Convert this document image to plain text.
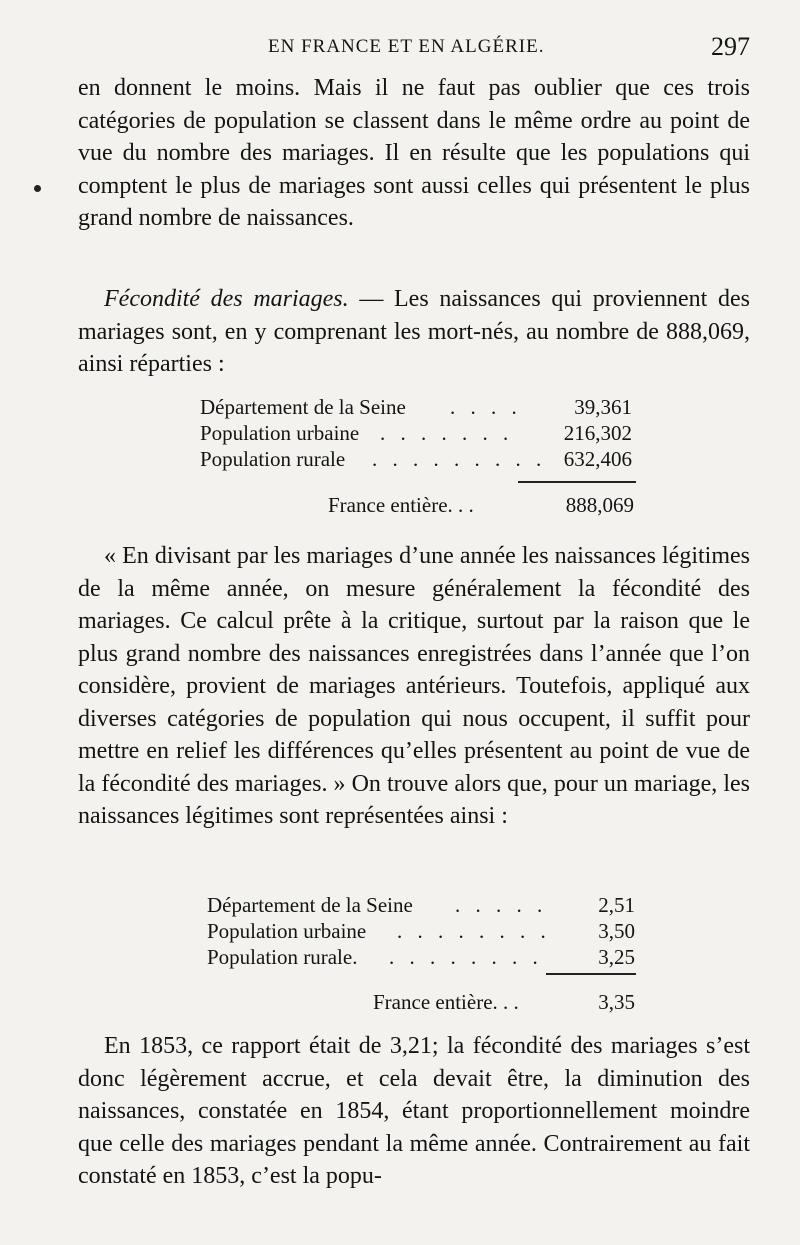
EN FRANCE ET EN ALGÉRIE.	297
en donnent le moins. Mais il ne faut pas oublier que ces trois catégories de population se classent dans le même ordre au point de vue du nombre des mariages. Il en résulte que les populations qui comptent le plus de mariages sont aussi celles qui présentent le plus grand nombre de naissances.
Fécondité des mariages. — Les naissances qui proviennent des mariages sont, en y comprenant les mort-nés, au nombre de 888,069, ainsi réparties :
Département de la Seine . . . .	39,361
Population urbaine . . . . . . . 216,302
Population rurale . . . . . . . . . 632,406
France entière. . .	888,069
« En divisant par les mariages d’une année les naissances légitimes de la même année, on mesure généralement la fécondité des mariages. Ce calcul prête à la critique, surtout par la raison que le plus grand nombre des naissances enregistrées dans l’année que l’on considère, provient de mariages antérieurs. Toutefois, appliqué aux diverses catégories de population qui nous occupent, il suffit pour mettre en relief les différences qu’elles présentent au point de vue de la fécondité des mariages. » On trouve alors que, pour un mariage, les naissances légitimes sont représentées ainsi :
Département de la Seine . . . . . 2,51
Population urbaine . . . . . . . . 3,50
Population rurale. . . . . . . . .	3,25
France entière. . .	3,35
En 1853, ce rapport était de 3,21; la fécondité des mariages s’est donc légèrement accrue, et cela devait être, la diminution des naissances, constatée en 1854, étant proportionnellement moindre que celle des mariages pendant la même année. Contrairement au fait constaté en 1853, c’est la popu-
